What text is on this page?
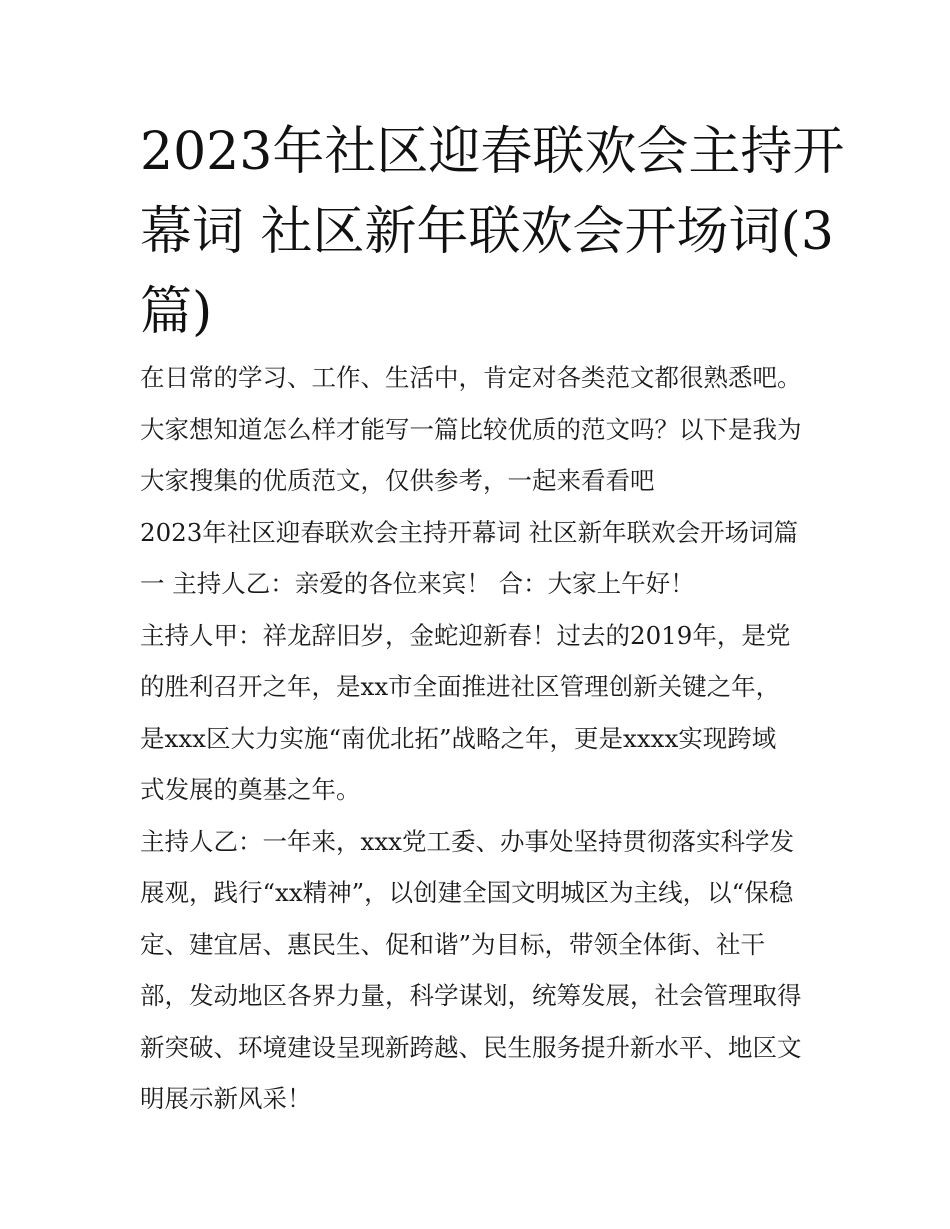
2023年社区迎春联欢会主持开
幕词 社区新年联欢会开场词(3
篇)
在日常的学习、工作、生活中，肯定对各类范文都很熟悉吧。
大家想知道怎么样才能写一篇比较优质的范文吗？以下是我为
大家搜集的优质范文，仅供参考，一起来看看吧
2023年社区迎春联欢会主持开幕词 社区新年联欢会开场词篇
一 主持人乙：亲爱的各位来宾！ 合：大家上午好！
主持人甲：祥龙辞旧岁，金蛇迎新春！过去的2019年，是党
的胜利召开之年，是xx市全面推进社区管理创新关键之年，
是xxx区大力实施“南优北拓”战略之年，更是xxxx实现跨域
式发展的奠基之年。
主持人乙：一年来，xxx党工委、办事处坚持贯彻落实科学发
展观，践行“xx精神”，以创建全国文明城区为主线，以“保稳
定、建宜居、惠民生、促和谐”为目标，带领全体街、社干
部，发动地区各界力量，科学谋划，统筹发展，社会管理取得
新突破、环境建设呈现新跨越、民生服务提升新水平、地区文
明展示新风采！
